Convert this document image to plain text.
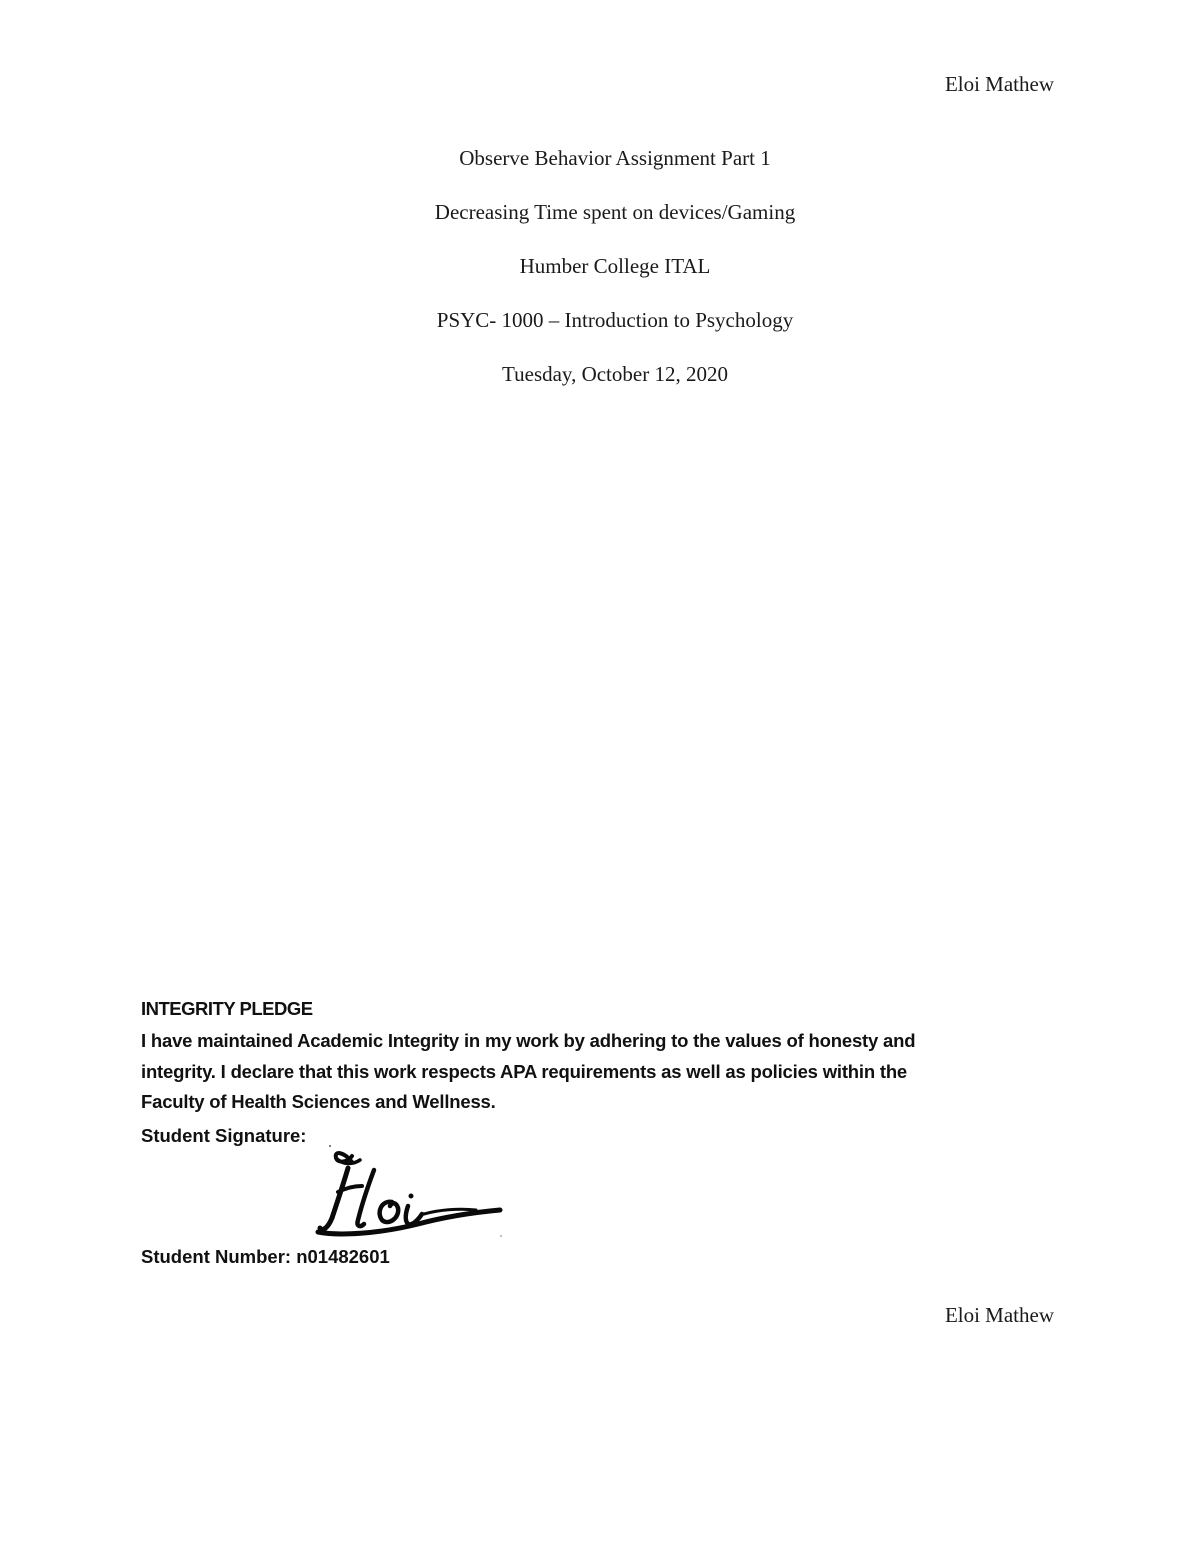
Eloi Mathew
Observe Behavior Assignment Part 1
Decreasing Time spent on devices/Gaming
Humber College ITAL
PSYC- 1000 – Introduction to Psychology
Tuesday, October 12, 2020
INTEGRITY PLEDGE
I have maintained Academic Integrity in my work by adhering to the values of honesty and
integrity. I declare that this work respects APA requirements as well as policies within the
Faculty of Health Sciences and Wellness.
Student Signature:
Student Number: n01482601
Eloi Mathew
